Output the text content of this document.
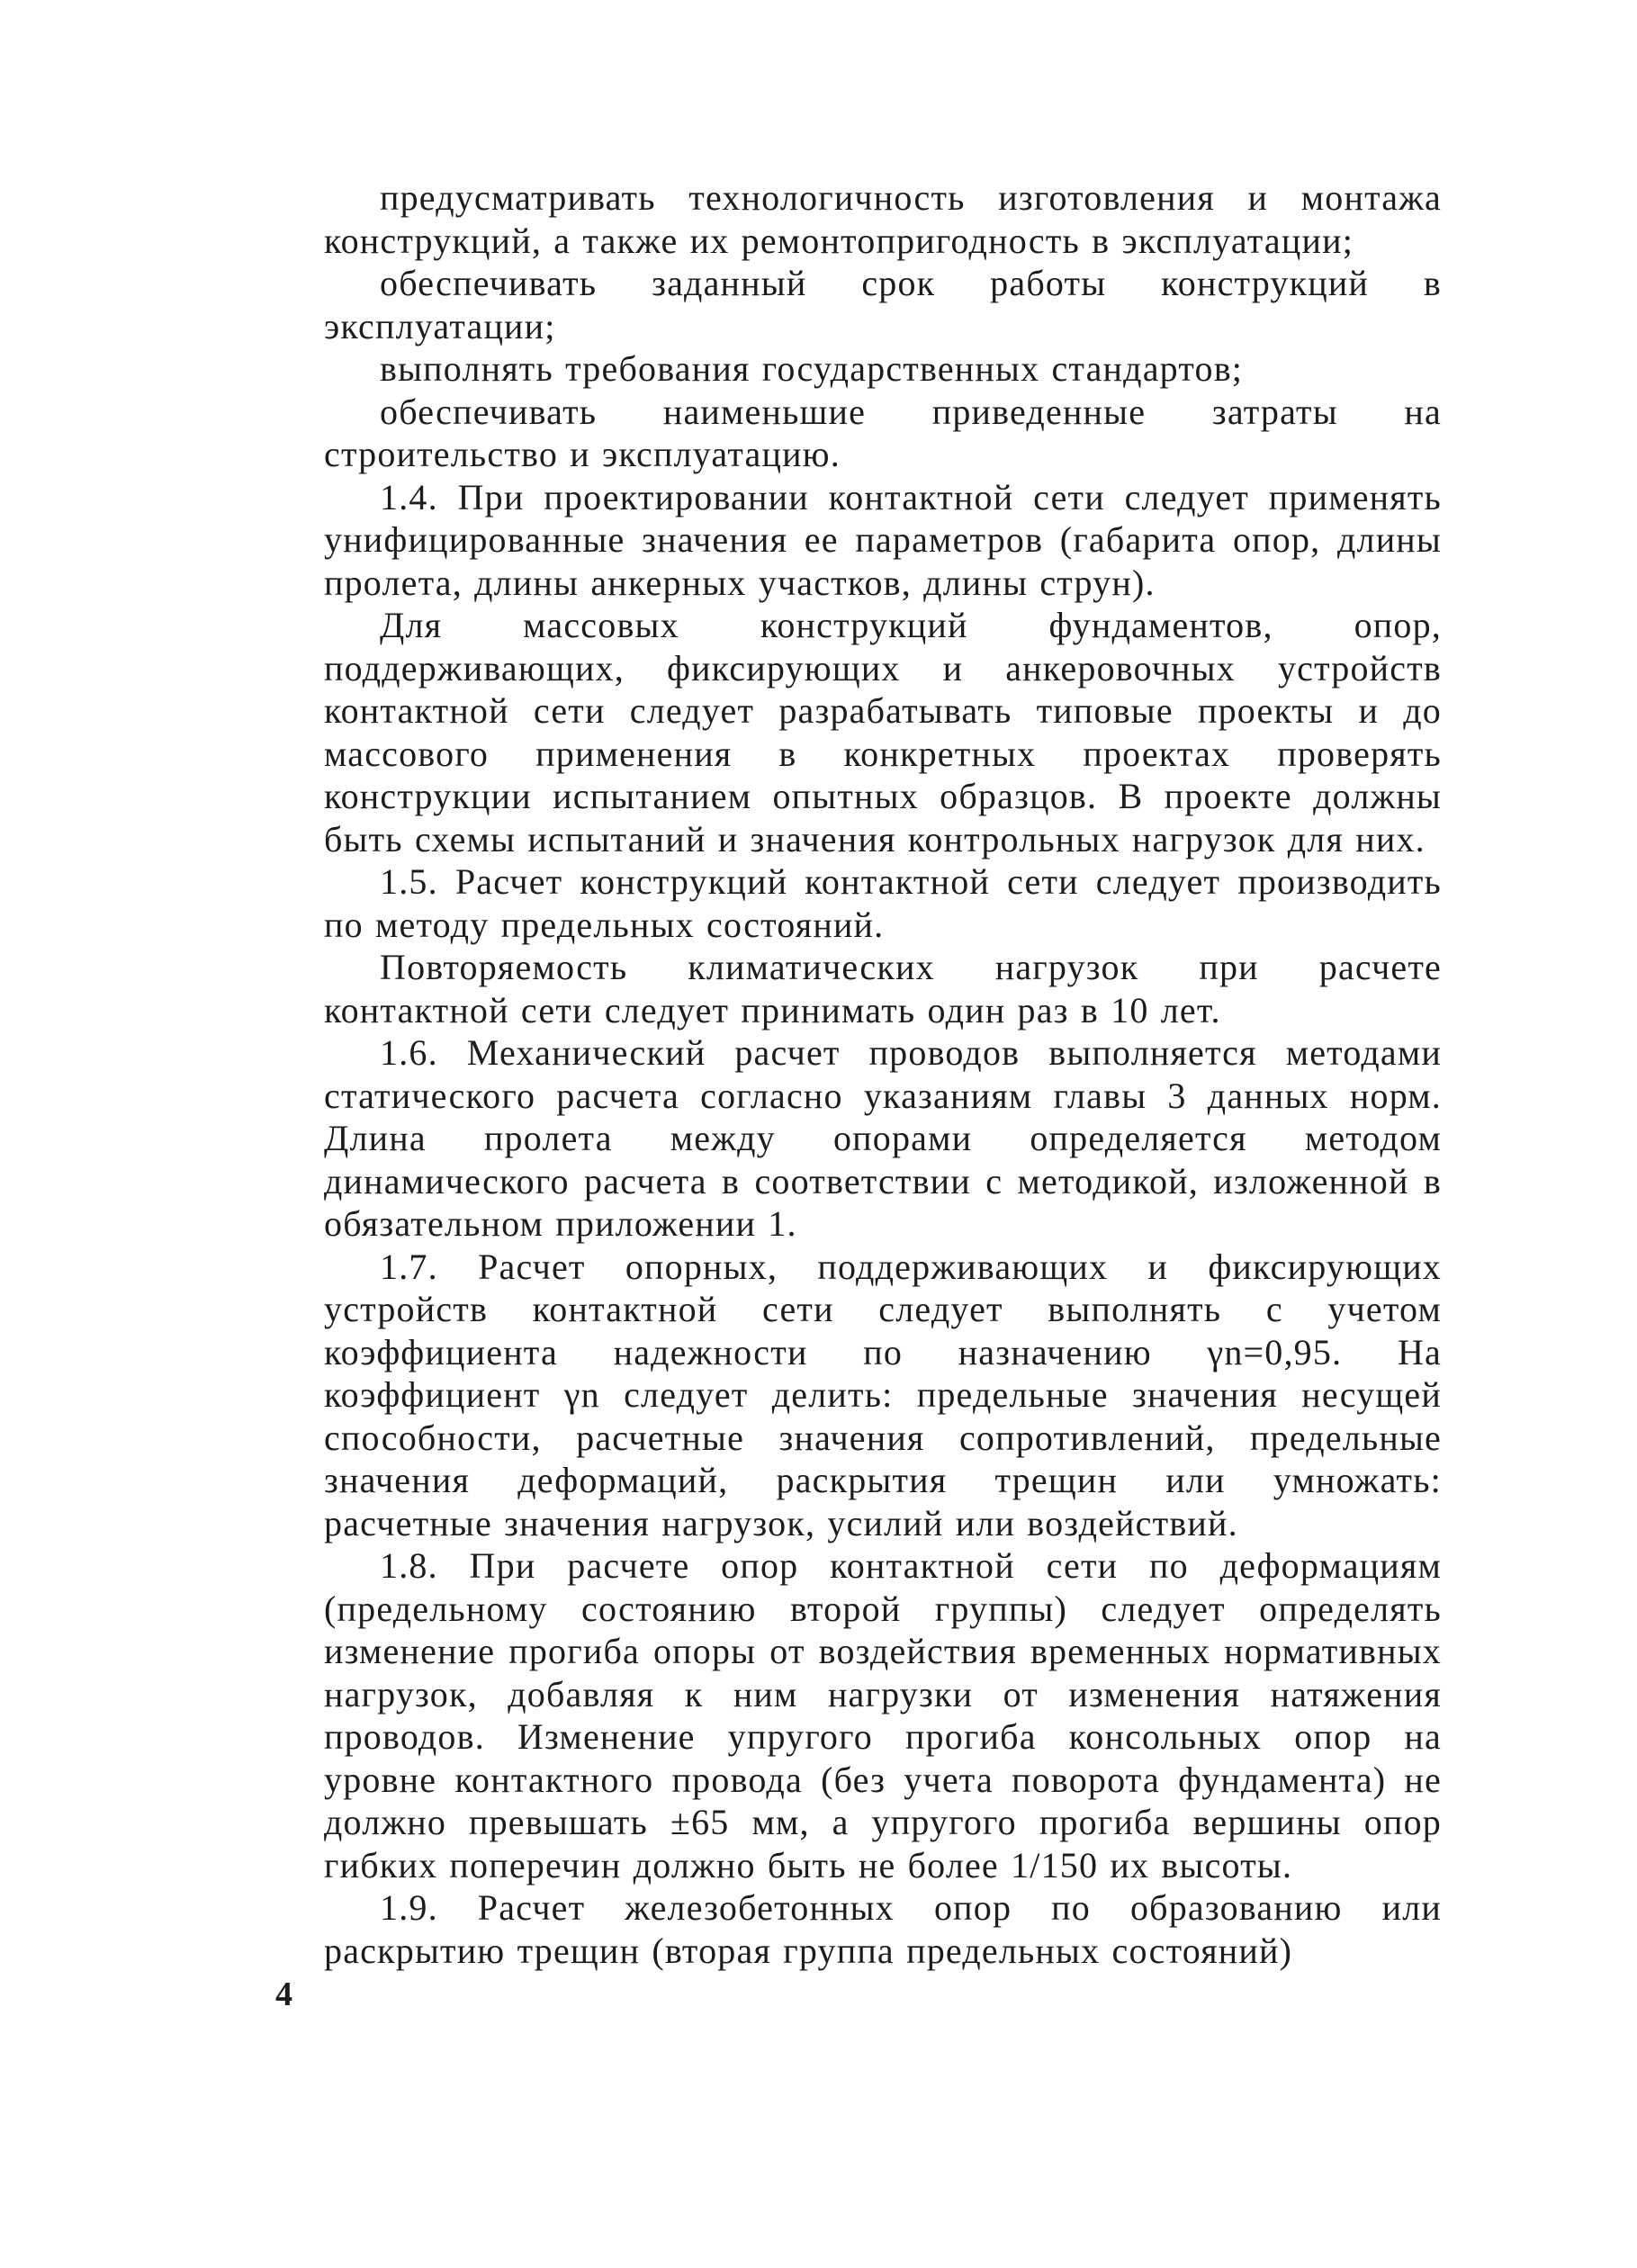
предусматривать технологичность изготовления и монтажа конструкций, а также их ремонтопригодность в эксплуатации;

обеспечивать заданный срок работы конструкций в эксплуатации;

выполнять требования государственных стандартов;

обеспечивать наименьшие приведенные затраты на строительство и эксплуатацию.

1.4. При проектировании контактной сети следует применять унифицированные значения ее параметров (габарита опор, длины пролета, длины анкерных участков, длины струн).

Для массовых конструкций фундаментов, опор, поддерживающих, фиксирующих и анкеровочных устройств контактной сети следует разрабатывать типовые проекты и до массового применения в конкретных проектах проверять конструкции испытанием опытных образцов. В проекте должны быть схемы испытаний и значения контрольных нагрузок для них.

1.5. Расчет конструкций контактной сети следует производить по методу предельных состояний.

Повторяемость климатических нагрузок при расчете контактной сети следует принимать один раз в 10 лет.

1.6. Механический расчет проводов выполняется методами статического расчета согласно указаниям главы 3 данных норм. Длина пролета между опорами определяется методом динамического расчета в соответствии с методикой, изложенной в обязательном приложении 1.

1.7. Расчет опорных, поддерживающих и фиксирующих устройств контактной сети следует выполнять с учетом коэффициента надежности по назначению γn=0,95. На коэффициент γn следует делить: предельные значения несущей способности, расчетные значения сопротивлений, предельные значения деформаций, раскрытия трещин или умножать: расчетные значения нагрузок, усилий или воздействий.

1.8. При расчете опор контактной сети по деформациям (предельному состоянию второй группы) следует определять изменение прогиба опоры от воздействия временных нормативных нагрузок, добавляя к ним нагрузки от изменения натяжения проводов. Изменение упругого прогиба консольных опор на уровне контактного провода (без учета поворота фундамента) не должно превышать ±65 мм, а упругого прогиба вершины опор гибких поперечин должно быть не более 1/150 их высоты.

1.9. Расчет железобетонных опор по образованию или раскрытию трещин (вторая группа предельных состояний)

4
